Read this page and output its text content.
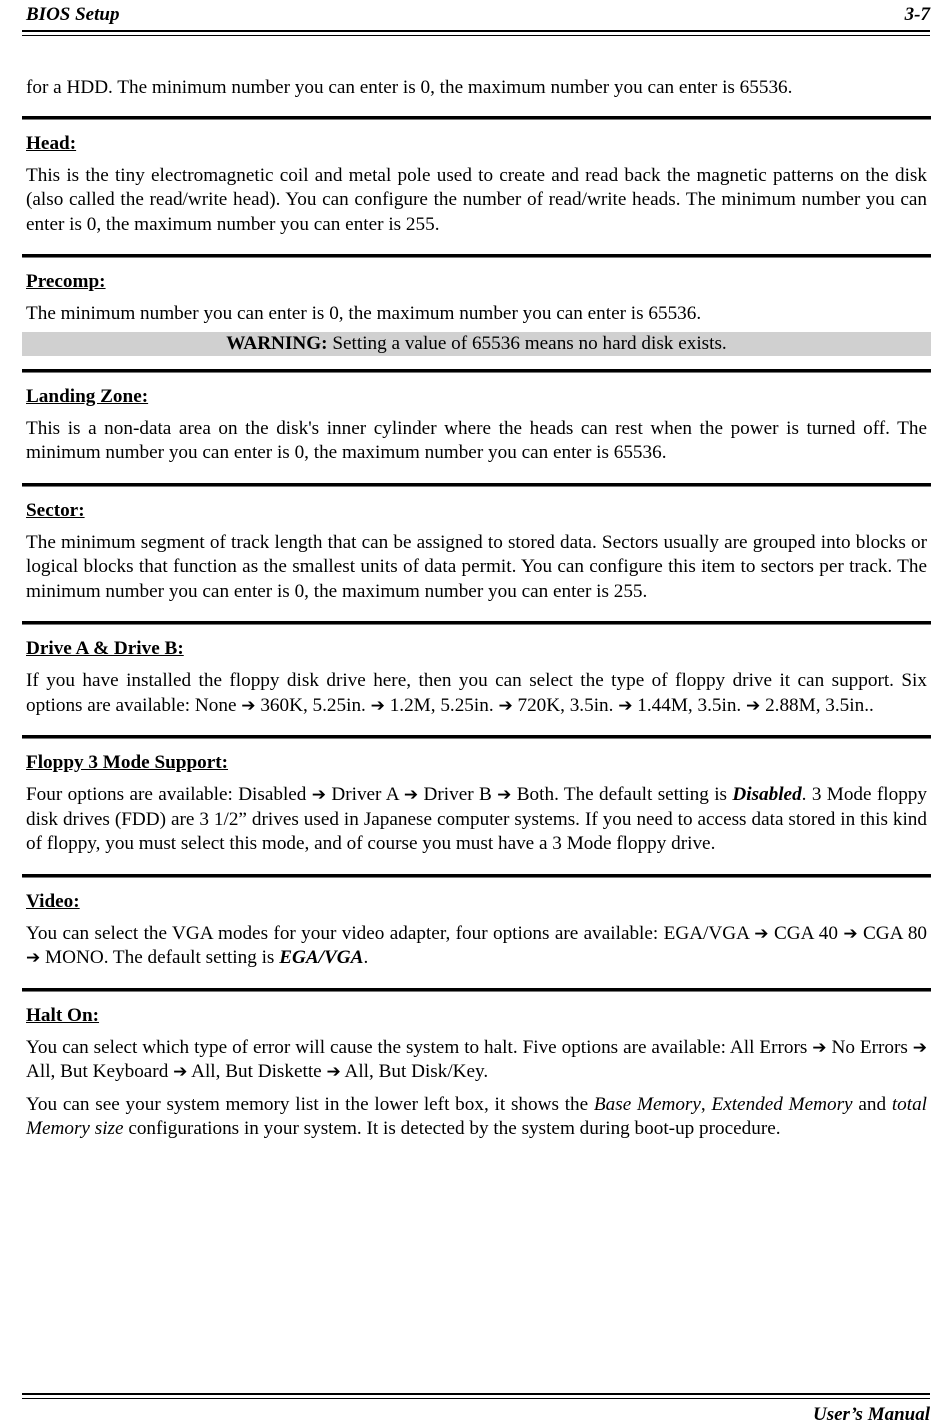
BIOS Setup	3-7

for a HDD. The minimum number you can enter is 0, the maximum number you can enter is 65536.

Head:

This is the tiny electromagnetic coil and metal pole used to create and read back the magnetic patterns on the disk (also called the read/write head). You can configure the number of read/write heads. The minimum number you can enter is 0, the maximum number you can enter is 255.

Precomp:

The minimum number you can enter is 0, the maximum number you can enter is 65536.

WARNING: Setting a value of 65536 means no hard disk exists.
Landing Zone:

This is a non-data area on the disk's inner cylinder where the heads can rest when the power is turned off. The minimum number you can enter is 0, the maximum number you can enter is 65536.

Sector:

The minimum segment of track length that can be assigned to stored data. Sectors usually are grouped into blocks or logical blocks that function as the smallest units of data permit. You can configure this item to sectors per track. The minimum number you can enter is 0, the maximum number you can enter is 255.

Drive A & Drive B:

If you have installed the floppy disk drive here, then you can select the type of floppy drive it can support. Six options are available: None ➔ 360K, 5.25in. ➔ 1.2M, 5.25in. ➔ 720K, 3.5in. ➔ 1.44M, 3.5in. ➔ 2.88M, 3.5in..

Floppy 3 Mode Support:

Four options are available: Disabled ➔ Driver A ➔ Driver B ➔ Both. The default setting is Disabled. 3 Mode floppy disk drives (FDD) are 3 1/2” drives used in Japanese computer systems. If you need to access data stored in this kind of floppy, you must select this mode, and of course you must have a 3 Mode floppy drive.

Video:

You can select the VGA modes for your video adapter, four options are available: EGA/VGA ➔ CGA 40 ➔ CGA 80 ➔ MONO. The default setting is EGA/VGA.

Halt On:

You can select which type of error will cause the system to halt. Five options are available: All Errors ➔ No Errors ➔ All, But Keyboard ➔ All, But Diskette ➔ All, But Disk/Key.

You can see your system memory list in the lower left box, it shows the Base Memory, Extended Memory and total Memory size configurations in your system. It is detected by the system during boot-up procedure.

User’s Manual
